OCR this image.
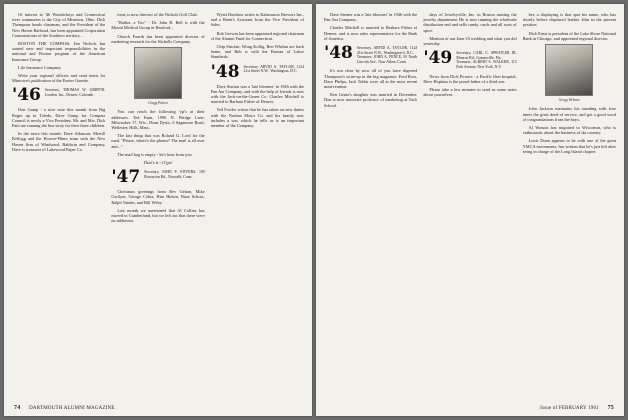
Of interest to '46 Wonderboys and Connecticut river commuters is the City of Mintown, Ohio. Dick Thompson heads chairman, and the President of the New Haven Railroad, has been appointed Corporation Commissioner of the Southern territory...

BOSTON THE COMPASS. Jim Nichols has started new and important responsibilities in the national and Boston program of the American Insurance Group.

Life Insurance Company.

Write your regional officers and send items for Mintown's publication of the Exeter Gazette.

'46 Secretary, THOMAS W. GRIFFIN, Loudon, Inc., Denver, Colorado

Don Gump - a nice note this month from Big Roger up in Toledo, Dave Gump for Compass Council is newly a Vice President. Mr. and Mrs. Dick Pain are running the fine story for their three children.

In the news this month: Dave Atkinson, Merrill Kellogg and the Hoover-Hines team with the New Haven firm of Windward, Baldwin and Company, Dave is treasurer of Lakewood Paper Co.

treat, is now director of the Nichols Golf Club.

"Rather, a Yoo" - Dr. John R. Bell is with the Mount Medical Group in Hartford...

Church Fourth has been appointed director of marketing research for the Nicholls Company.

Gregg Patton

You can reach the following 'yp's at their addresses. Ted Fann, 1990 N. Bridge Lane, Milwaukee 17, Wis.; Dean Dysto, 6 Sagamore Road, Wellesley Hills, Mass.

The last thing that was Roland G. Lord for the mail, "Please, where's the photos? The mail is all over and..."

The mail bag is empty - let's hear from you.

That's it - O'go!
'47 Secretary, JOHN P. STIVERS, 190 Rowayton Rd., Norwalk, Conn.

Christmas greetings from Bev Gelam, Mike Gwilym, George Cobia, Him Huhon, Buzz Schotz, Ralph Vander, and Bill Wiley.

Last month we mentioned that Al Collins has moved to Cumberland, but we left out that there were no addresses.

Wyatt Hawkins writes to Kalamazoo Brewers Inc., and a Brent's Assistant from the Vice President of Sales.

Bob Gerwin has been appointed regional chairman of the Alumni Fund for Connecticut.

Chip Sinclair, Wong Kollig, Ben Whelan are back home, and Bob is with the Bureau of Labor Standards.

'48 Secretary, ARVID A. TAYLOR, 1124 21st Street N.W., Washington, D.C.

Dave Station was a 'late bloomer' in 1946 with the Pan Am Company, and with the help of friends is now with the Jack-on-the-Green Co. Charles Mitchell is married to Barbara Fisher of Denver.

Ted Fowler writes that he has taken on new duties with the Nashua Motor Co. and his family now includes a son, which he tells us is an important member of the Company.

74 DARTMOUTH ALUMNI MAGAZINE

Dave Steiner was a 'late bloomer' in 1946 with the Pan Am Company...

Charles Mitchell is married to Barbara Fisher of Denver, and is now sales representative for the Bank of America.

'48 Secretary, ARVID A. TAYLOR, 1124 21st Street N.W., Washington 6, D.C.
Treasurer, JOHN A. PENCE, 93 North Lincoln Ave., Naw Aiken, Conn.

It's not clear by now all of you have digested Thompson's write-up in the big magazine. Fred Ross, Dave Phelps, Jack Tubbs were all at the most recent mini-reunion.

Ken Gentz's daughter was married in December. Don is now associate professor of marketing at Tuck School.

days of Jewelryville, Inc. in Boston nursing the jewelry department. He is now running the wholesale distribution end and sells candy, cards and all sorts of spice.

Mention of our June 10 wedding and what you did yesterday.

'49 Secretary, CARL C. SPRATLER JR. Monroe Rd., Gainesville, Fla.
Treasurer, ALBERT S. WALKER, 113 Park Avenue, New York, N.Y.

News from Dick Powers - a Pacific fleet hospital. Dave Hopkins is the proud father of a third son.

Please take a few minutes to send us some notes about yourselves.

bet, a displaying is that spot his name, who has shortly before displaced leather John in the present position.

Dick Ernst is president of the Lake Shore National Bank in Chicago, and appointed regional director.

Gregg Webster

John Jackson maintains his standing with four times the great deed of service, and got a good word of congratulations from the boys.

Al Wasson has migrated to Wisconsin, who is enthusiastic about the business of ski country.

Louis Dunn appears to be with one of the great YMCA movements, has written that he's just left after being in charge of the Long Island chapter.

Issue of FEBRUARY 1961 75
